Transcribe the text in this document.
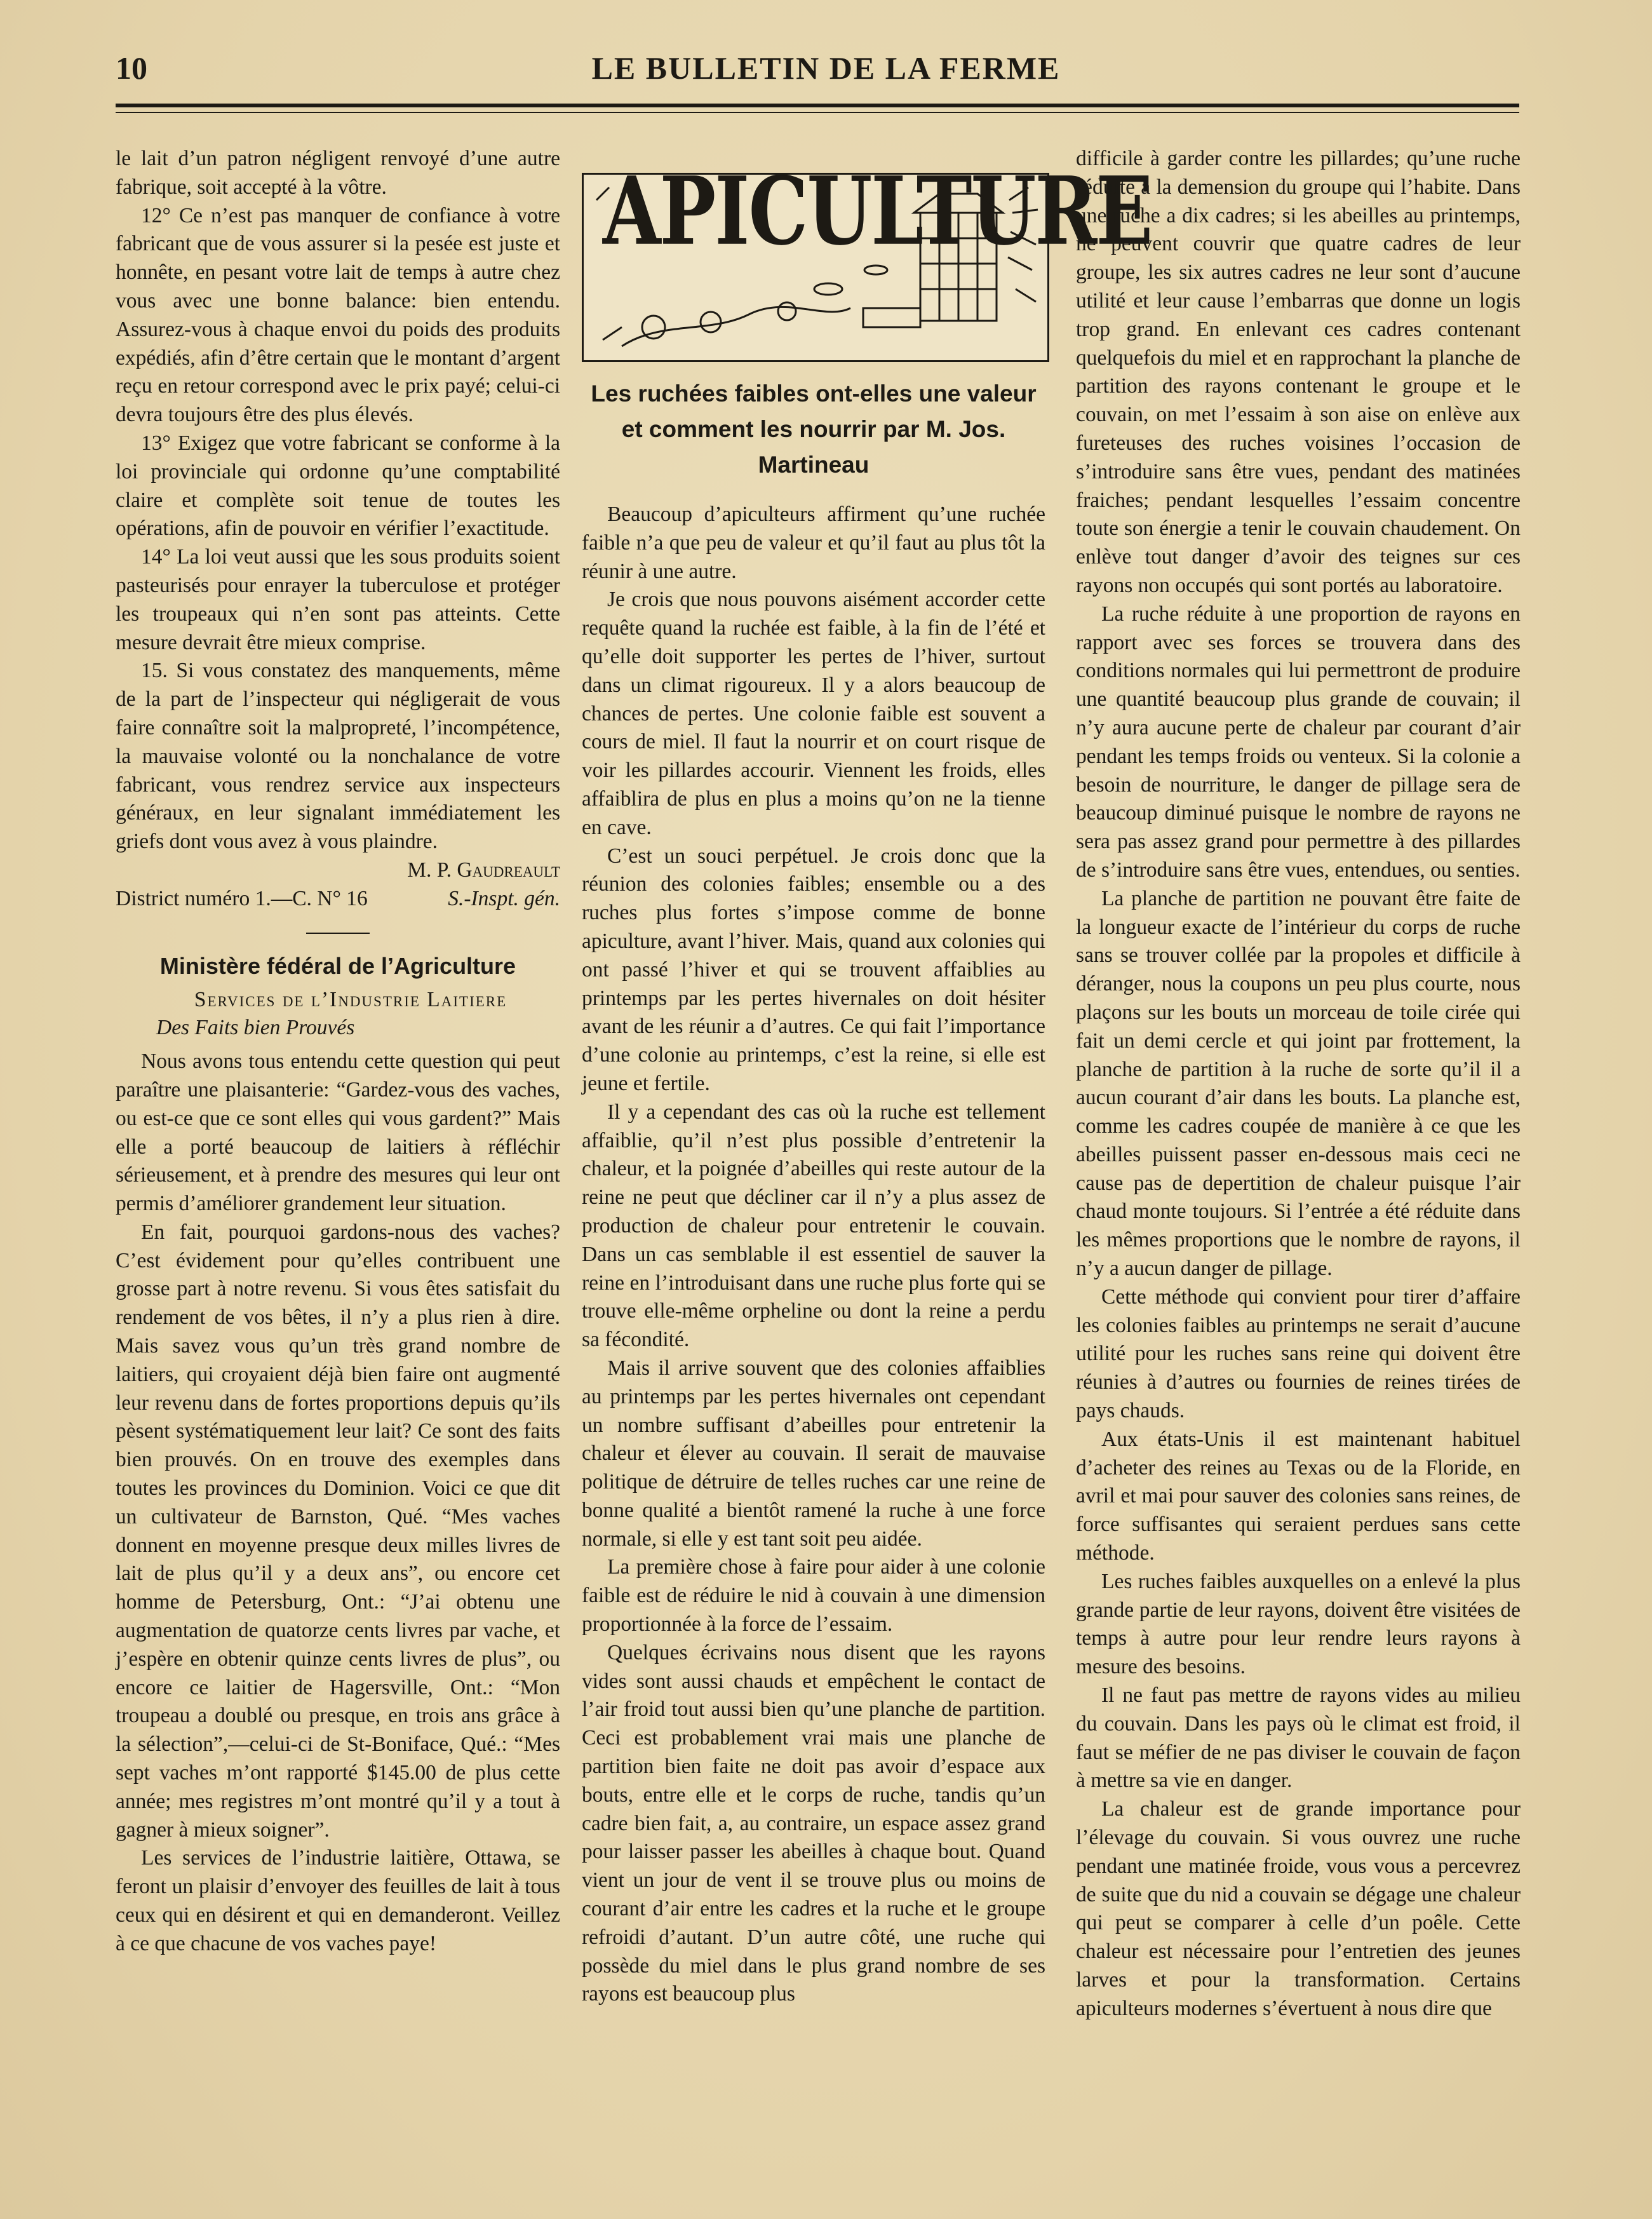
10	LE BULLETIN DE LA FERME

le lait d’un patron négligent renvoyé d’une autre fabrique, soit accepté à la vôtre.

12° Ce n’est pas manquer de confiance à votre fabricant que de vous assurer si la pesée est juste et honnête, en pesant votre lait de temps à autre chez vous avec une bonne balance: bien entendu. Assurez-vous à chaque envoi du poids des produits expédiés, afin d’être certain que le montant d’argent reçu en retour correspond avec le prix payé; celui-ci devra toujours être des plus élevés.

13° Exigez que votre fabricant se conforme à la loi provinciale qui ordonne qu’une comptabilité claire et complète soit tenue de toutes les opérations, afin de pouvoir en vérifier l’exactitude.

14° La loi veut aussi que les sous produits soient pasteurisés pour enrayer la tuberculose et protéger les troupeaux qui n’en sont pas atteints. Cette mesure devrait être mieux comprise.

15. Si vous constatez des manquements, même de la part de l’inspecteur qui négligerait de vous faire connaître soit la malpropreté, l’incompétence, la mauvaise volonté ou la nonchalance de votre fabricant, vous rendrez service aux inspecteurs généraux, en leur signalant immédiatement les griefs dont vous avez à vous plaindre.

M. P. Gaudreault

District numéro 1.—C. N° 16	S.-Inspt. gén.
Ministère fédéral de l’Agriculture

Services de l’Industrie Laitiere

Des Faits bien Prouvés

Nous avons tous entendu cette question qui peut paraître une plaisanterie: “Gardez-vous des vaches, ou est-ce que ce sont elles qui vous gardent?” Mais elle a porté beaucoup de laitiers à réfléchir sérieusement, et à prendre des mesures qui leur ont permis d’améliorer grandement leur situation.

En fait, pourquoi gardons-nous des vaches? C’est évidement pour qu’elles contribuent une grosse part à notre revenu. Si vous êtes satisfait du rendement de vos bêtes, il n’y a plus rien à dire. Mais savez vous qu’un très grand nombre de laitiers, qui croyaient déjà bien faire ont augmenté leur revenu dans de fortes proportions depuis qu’ils pèsent systématiquement leur lait? Ce sont des faits bien prouvés. On en trouve des exemples dans toutes les provinces du Dominion. Voici ce que dit un cultivateur de Barnston, Qué. “Mes vaches donnent en moyenne presque deux milles livres de lait de plus qu’il y a deux ans”, ou encore cet homme de Petersburg, Ont.: “J’ai obtenu une augmentation de quatorze cents livres par vache, et j’espère en obtenir quinze cents livres de plus”, ou encore ce laitier de Hagersville, Ont.: “Mon troupeau a doublé ou presque, en trois ans grâce à la sélection”,—celui-ci de St-Boniface, Qué.: “Mes sept vaches m’ont rapporté $145.00 de plus cette année; mes registres m’ont montré qu’il y a tout à gagner à mieux soigner”.

Les services de l’industrie laitière, Ottawa, se feront un plaisir d’envoyer des feuilles de lait à tous ceux qui en désirent et qui en demanderont. Veillez à ce que chacune de vos vaches paye!

APICULTURE
Les ruchées faibles ont-elles une valeur et comment les nourrir par M. Jos. Martineau

Beaucoup d’apiculteurs affirment qu’une ruchée faible n’a que peu de valeur et qu’il faut au plus tôt la réunir à une autre.

Je crois que nous pouvons aisément accorder cette requête quand la ruchée est faible, à la fin de l’été et qu’elle doit supporter les pertes de l’hiver, surtout dans un climat rigoureux. Il y a alors beaucoup de chances de pertes. Une colonie faible est souvent a cours de miel. Il faut la nourrir et on court risque de voir les pillardes accourir. Viennent les froids, elles affaiblira de plus en plus a moins qu’on ne la tienne en cave.

C’est un souci perpétuel. Je crois donc que la réunion des colonies faibles; ensemble ou a des ruches plus fortes s’impose comme de bonne apiculture, avant l’hiver. Mais, quand aux colonies qui ont passé l’hiver et qui se trouvent affaiblies au printemps par les pertes hivernales on doit hésiter avant de les réunir a d’autres. Ce qui fait l’importance d’une colonie au printemps, c’est la reine, si elle est jeune et fertile.

Il y a cependant des cas où la ruche est tellement affaiblie, qu’il n’est plus possible d’entretenir la chaleur, et la poignée d’abeilles qui reste autour de la reine ne peut que décliner car il n’y a plus assez de production de chaleur pour entretenir le couvain. Dans un cas semblable il est essentiel de sauver la reine en l’introduisant dans une ruche plus forte qui se trouve elle-même orpheline ou dont la reine a perdu sa fécondité.

Mais il arrive souvent que des colonies affaiblies au printemps par les pertes hivernales ont cependant un nombre suffisant d’abeilles pour entretenir la chaleur et élever au couvain. Il serait de mauvaise politique de détruire de telles ruches car une reine de bonne qualité a bientôt ramené la ruche à une force normale, si elle y est tant soit peu aidée.

La première chose à faire pour aider à une colonie faible est de réduire le nid à couvain à une dimension proportionnée à la force de l’essaim.

Quelques écrivains nous disent que les rayons vides sont aussi chauds et empêchent le contact de l’air froid tout aussi bien qu’une planche de partition. Ceci est probablement vrai mais une planche de partition bien faite ne doit pas avoir d’espace aux bouts, entre elle et le corps de ruche, tandis qu’un cadre bien fait, a, au contraire, un espace assez grand pour laisser passer les abeilles à chaque bout. Quand vient un jour de vent il se trouve plus ou moins de courant d’air entre les cadres et la ruche et le groupe refroidi d’autant. D’un autre côté, une ruche qui possède du miel dans le plus grand nombre de ses rayons est beaucoup plus

difficile à garder contre les pillardes; qu’une ruche réduite à la demension du groupe qui l’habite. Dans une ruche a dix cadres; si les abeilles au printemps, ne peuvent couvrir que quatre cadres de leur groupe, les six autres cadres ne leur sont d’aucune utilité et leur cause l’embarras que donne un logis trop grand. En enlevant ces cadres contenant quelquefois du miel et en rapprochant la planche de partition des rayons contenant le groupe et le couvain, on met l’essaim à son aise on enlève aux fureteuses des ruches voisines l’occasion de s’introduire sans être vues, pendant des matinées fraiches; pendant lesquelles l’essaim concentre toute son énergie a tenir le couvain chaudement. On enlève tout danger d’avoir des teignes sur ces rayons non occupés qui sont portés au laboratoire.

La ruche réduite à une proportion de rayons en rapport avec ses forces se trouvera dans des conditions normales qui lui permettront de produire une quantité beaucoup plus grande de couvain; il n’y aura aucune perte de chaleur par courant d’air pendant les temps froids ou venteux. Si la colonie a besoin de nourriture, le danger de pillage sera de beaucoup diminué puisque le nombre de rayons ne sera pas assez grand pour permettre à des pillardes de s’introduire sans être vues, entendues, ou senties.

La planche de partition ne pouvant être faite de la longueur exacte de l’intérieur du corps de ruche sans se trouver collée par la propoles et difficile à déranger, nous la coupons un peu plus courte, nous plaçons sur les bouts un morceau de toile cirée qui fait un demi cercle et qui joint par frottement, la planche de partition à la ruche de sorte qu’il il a aucun courant d’air dans les bouts. La planche est, comme les cadres coupée de manière à ce que les abeilles puissent passer en-dessous mais ceci ne cause pas de depertition de chaleur puisque l’air chaud monte toujours. Si l’entrée a été réduite dans les mêmes proportions que le nombre de rayons, il n’y a aucun danger de pillage.

Cette méthode qui convient pour tirer d’affaire les colonies faibles au printemps ne serait d’aucune utilité pour les ruches sans reine qui doivent être réunies à d’autres ou fournies de reines tirées de pays chauds.

Aux états-Unis il est maintenant habituel d’acheter des reines au Texas ou de la Floride, en avril et mai pour sauver des colonies sans reines, de force suffisantes qui seraient perdues sans cette méthode.

Les ruches faibles auxquelles on a enlevé la plus grande partie de leur rayons, doivent être visitées de temps à autre pour leur rendre leurs rayons à mesure des besoins.

Il ne faut pas mettre de rayons vides au milieu du couvain. Dans les pays où le climat est froid, il faut se méfier de ne pas diviser le couvain de façon à mettre sa vie en danger.

La chaleur est de grande importance pour l’élevage du couvain. Si vous ouvrez une ruche pendant une matinée froide, vous vous a percevrez de suite que du nid a couvain se dégage une chaleur qui peut se comparer à celle d’un poêle. Cette chaleur est nécessaire pour l’entretien des jeunes larves et pour la transformation. Certains apiculteurs modernes s’évertuent à nous dire que
